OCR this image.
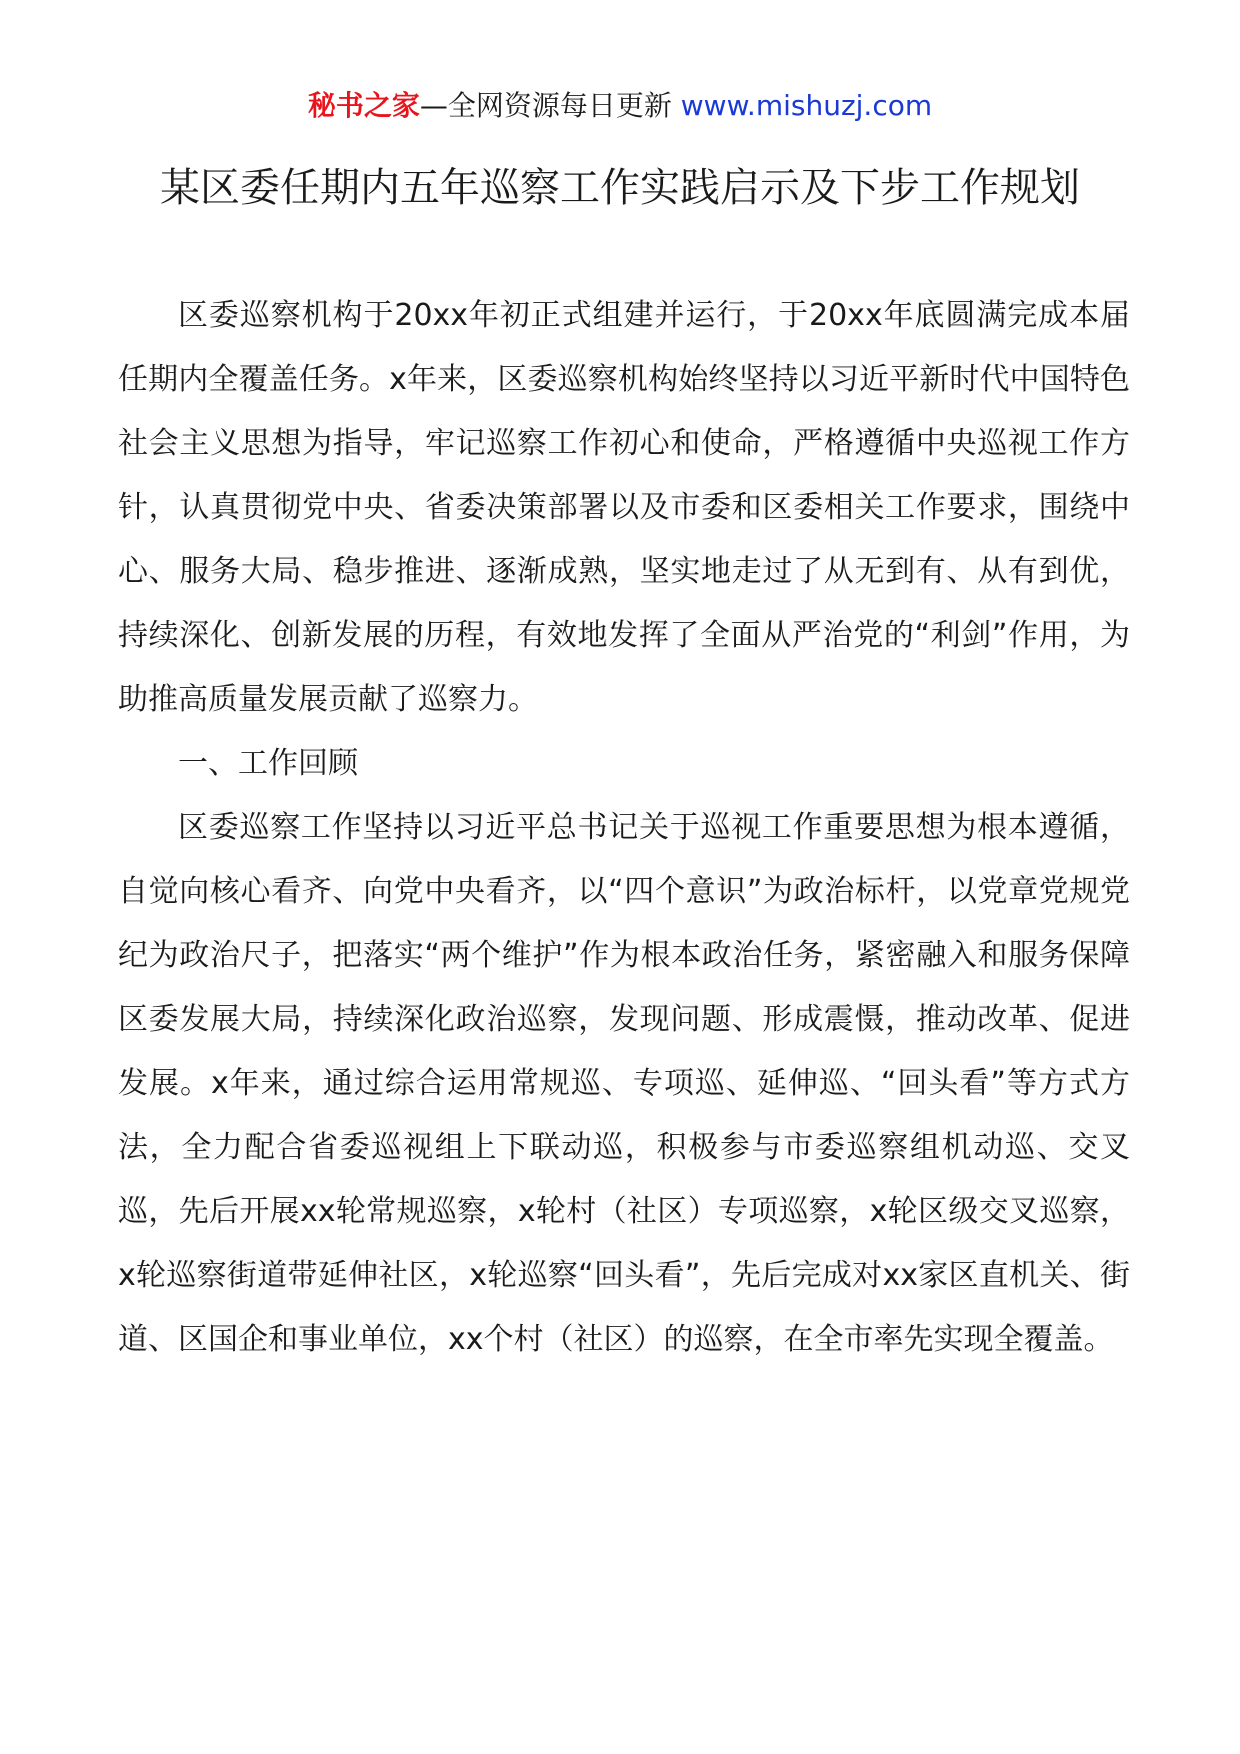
秘书之家—全网资源每日更新 www.mishuzj.com
某区委任期内五年巡察工作实践启示及下步工作规划

区委巡察机构于20xx年初正式组建并运行，于20xx年底圆满完成本届任期内全覆盖任务。x年来，区委巡察机构始终坚持以习近平新时代中国特色社会主义思想为指导，牢记巡察工作初心和使命，严格遵循中央巡视工作方针，认真贯彻党中央、省委决策部署以及市委和区委相关工作要求，围绕中心、服务大局、稳步推进、逐渐成熟，坚实地走过了从无到有、从有到优，持续深化、创新发展的历程，有效地发挥了全面从严治党的“利剑”作用，为助推高质量发展贡献了巡察力。

一、工作回顾

区委巡察工作坚持以习近平总书记关于巡视工作重要思想为根本遵循，自觉向核心看齐、向党中央看齐，以“四个意识”为政治标杆，以党章党规党纪为政治尺子，把落实“两个维护”作为根本政治任务，紧密融入和服务保障区委发展大局，持续深化政治巡察，发现问题、形成震慑，推动改革、促进发展。x年来，通过综合运用常规巡、专项巡、延伸巡、“回头看”等方式方法，全力配合省委巡视组上下联动巡，积极参与市委巡察组机动巡、交叉巡，先后开展xx轮常规巡察，x轮村（社区）专项巡察，x轮区级交叉巡察，x轮巡察街道带延伸社区，x轮巡察“回头看”，先后完成对xx家区直机关、街道、区国企和事业单位，xx个村（社区）的巡察，在全市率先实现全覆盖。
